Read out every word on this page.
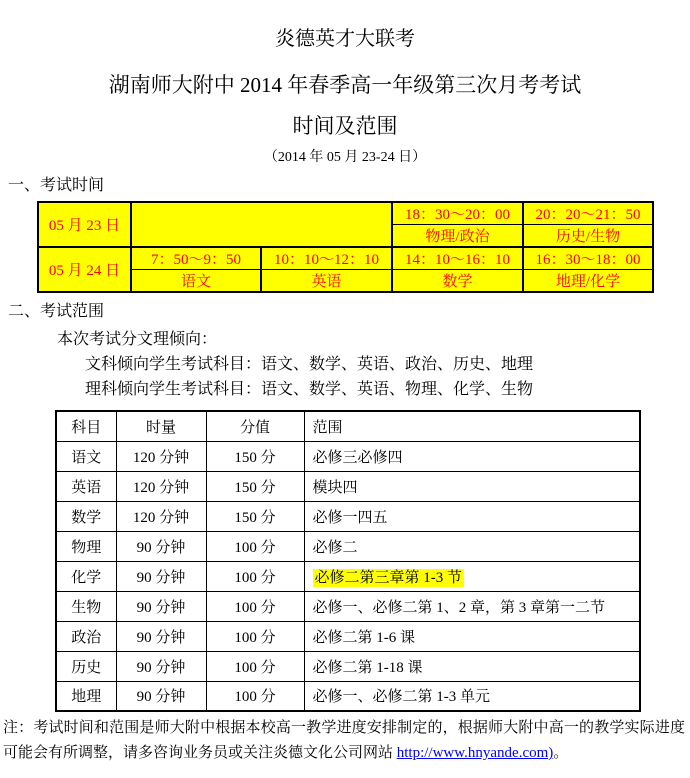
炎德英才大联考
湖南师大附中 2014 年春季高一年级第三次月考考试
时间及范围
（2014 年 05 月 23-24 日）
一、考试时间
05 月 23 日			18：30～20：00	20：20～21：50
			物理/政治	历史/生物
05 月 24 日	7：50～9：50	10：10～12：10	14：10～16：10	16：30～18：00
	语文	英语	数学	地理/化学
二、考试范围
本次考试分文理倾向：
文科倾向学生考试科目：语文、数学、英语、政治、历史、地理
理科倾向学生考试科目：语文、数学、英语、物理、化学、生物
科目	时量	分值	范围
语文	120 分钟	150 分	必修三必修四
英语	120 分钟	150 分	模块四
数学	120 分钟	150 分	必修一四五
物理	90 分钟	100 分	必修二
化学	90 分钟	100 分	必修二第三章第 1-3 节
生物	90 分钟	100 分	必修一、必修二第 1、2 章，第 3 章第一二节
政治	90 分钟	100 分	必修二第 1-6 课
历史	90 分钟	100 分	必修二第 1-18 课
地理	90 分钟	100 分	必修一、必修二第 1-3 单元
注：考试时间和范围是师大附中根据本校高一教学进度安排制定的，根据师大附中高一的教学实际进度可能会有所调整，请多咨询业务员或关注炎德文化公司网站 http://www.hnyande.com)。
